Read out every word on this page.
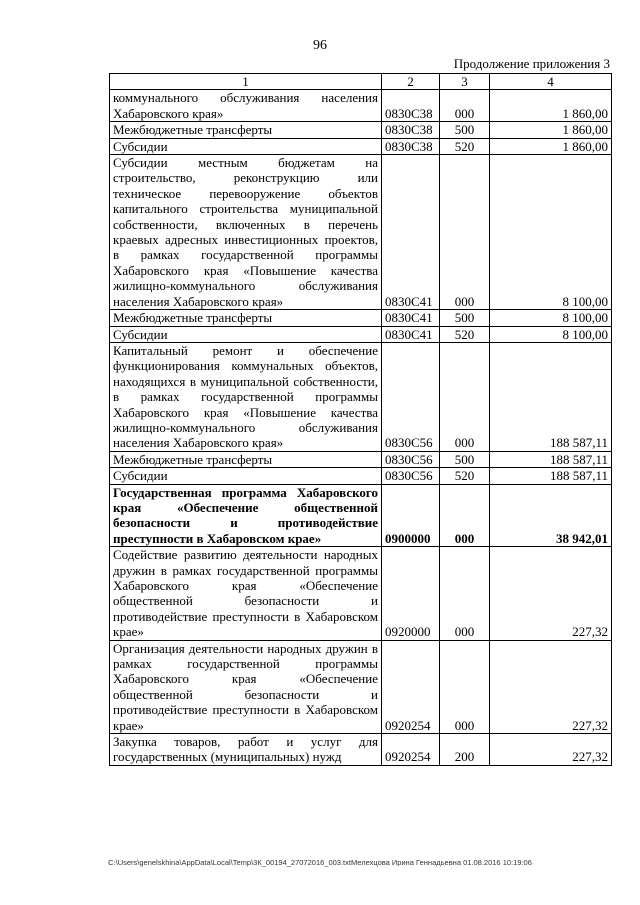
96
Продолжение приложения 3
1	2	3	4
коммунального обслуживания населения Хабаровского края»	0830С38	000	1 860,00
Межбюджетные трансферты	0830С38	500	1 860,00
Субсидии	0830С38	520	1 860,00
Субсидии местным бюджетам на строительство, реконструкцию или техническое перевооружение объектов капитального строительства муниципальной собственности, включенных в перечень краевых адресных инвестиционных проектов, в рамках государственной программы Хабаровского края «Повышение качества жилищно-коммунального обслуживания населения Хабаровского края»	0830С41	000	8 100,00
Межбюджетные трансферты	0830С41	500	8 100,00
Субсидии	0830С41	520	8 100,00
Капитальный ремонт и обеспечение функционирования коммунальных объектов, находящихся в муниципальной собственности, в рамках государственной программы Хабаровского края «Повышение качества жилищно-коммунального обслуживания населения Хабаровского края»	0830С56	000	188 587,11
Межбюджетные трансферты	0830С56	500	188 587,11
Субсидии	0830С56	520	188 587,11
Государственная программа Хабаровского края «Обеспечение общественной безопасности и противодействие преступности в Хабаровском крае»	0900000	000	38 942,01
Содействие развитию деятельности народных дружин в рамках государственной программы Хабаровского края «Обеспечение общественной безопасности и противодействие преступности в Хабаровском крае»	0920000	000	227,32
Организация деятельности народных дружин в рамках государственной программы Хабаровского края «Обеспечение общественной безопасности и противодействие преступности в Хабаровском крае»	0920254	000	227,32
Закупка товаров, работ и услуг для государственных (муниципальных) нужд	0920254	200	227,32
C:\Users\genelskhina\AppData\Local\Temp\3К_00194_27072016_003.txtМелехцова Ирина Геннадьевна 01.08.2016 10:19:06
